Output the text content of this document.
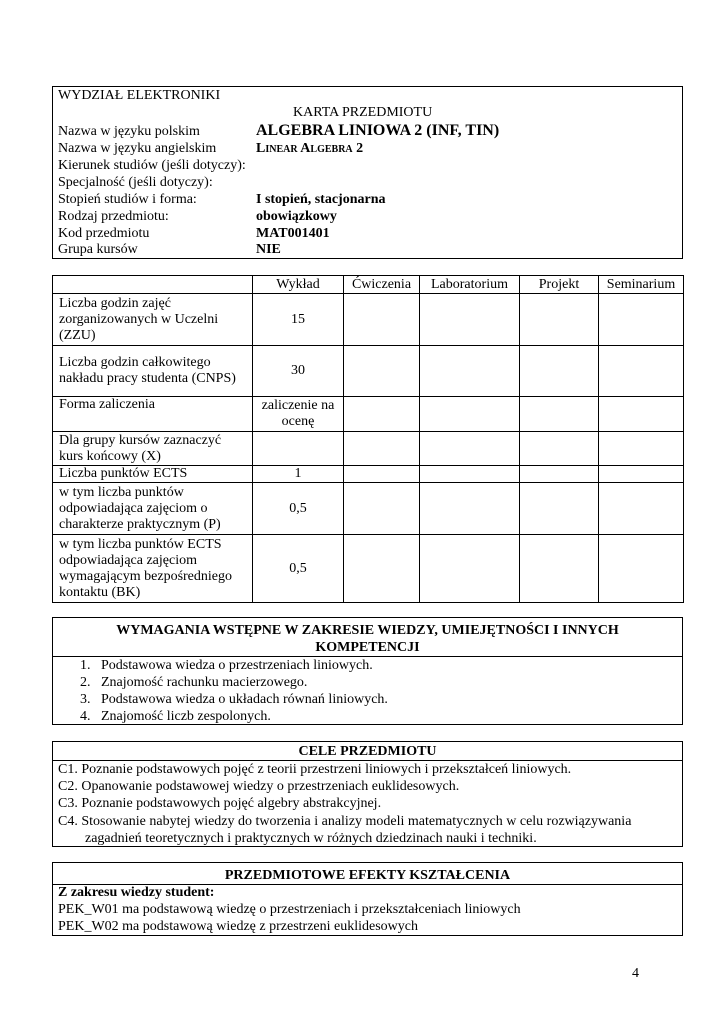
WYDZIAŁ ELEKTRONIKI
KARTA PRZEDMIOTU
Nazwa w języku polskim	ALGEBRA LINIOWA 2 (INF, TIN)
Nazwa w języku angielskim	Linear Algebra 2
Kierunek studiów (jeśli dotyczy):
Specjalność (jeśli dotyczy):
Stopień studiów i forma:	I stopień, stacjonarna
Rodzaj przedmiotu:	obowiązkowy
Kod przedmiotu	MAT001401
Grupa kursów	NIE
	Wykład	Ćwiczenia	Laboratorium	Projekt	Seminarium
Liczba godzin zajęć zorganizowanych w Uczelni (ZZU)	15				
Liczba godzin całkowitego nakładu pracy studenta (CNPS)	30				
Forma zaliczenia	zaliczenie na ocenę				
Dla grupy kursów zaznaczyć kurs końcowy (X)					
Liczba punktów ECTS	1				
w tym liczba punktów odpowiadająca zajęciom o charakterze praktycznym (P)	0,5				
w tym liczba punktów ECTS odpowiadająca zajęciom wymagającym bezpośredniego kontaktu (BK)	0,5				
WYMAGANIA WSTĘPNE W ZAKRESIE WIEDZY, UMIEJĘTNOŚCI I INNYCH KOMPETENCJI
1. Podstawowa wiedza o przestrzeniach liniowych.
2. Znajomość rachunku macierzowego.
3. Podstawowa wiedza o układach równań liniowych.
4. Znajomość liczb zespolonych.
CELE PRZEDMIOTU
C1. Poznanie podstawowych pojęć z teorii przestrzeni liniowych i przekształceń liniowych.
C2. Opanowanie podstawowej wiedzy o przestrzeniach euklidesowych.
C3. Poznanie podstawowych pojęć algebry abstrakcyjnej.
C4. Stosowanie nabytej wiedzy do tworzenia i analizy modeli matematycznych w celu rozwiązywania zagadnień teoretycznych i praktycznych w różnych dziedzinach nauki i techniki.
PRZEDMIOTOWE EFEKTY KSZTAŁCENIA
Z zakresu wiedzy student:
PEK_W01 ma podstawową wiedzę o przestrzeniach i przekształceniach liniowych
PEK_W02 ma podstawową wiedzę z przestrzeni euklidesowych
4
